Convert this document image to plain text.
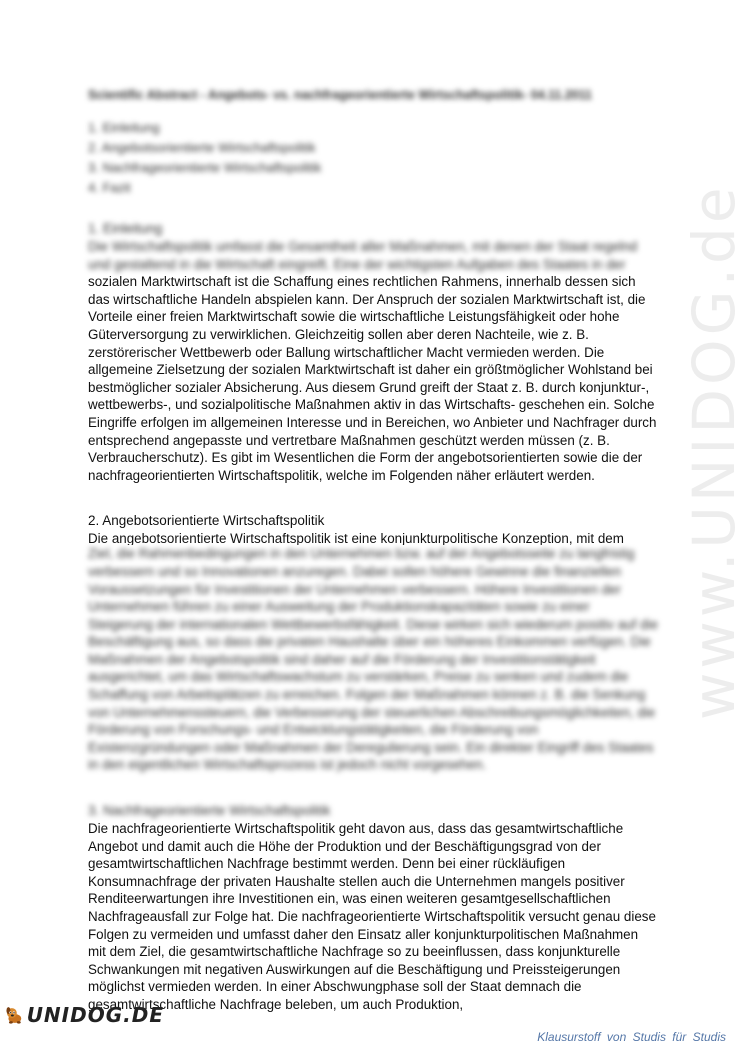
www.UNIDOG.de
Scientific Abstract - Angebots- vs. nachfrageorientierte Wirtschaftspolitik- 04.11.2011
1. Einleitung
2. Angebotsorientierte Wirtschaftspolitik
3. Nachfrageorientierte Wirtschaftspolitik
4. Fazit
1. Einleitung

Die Wirtschaftspolitik umfasst die Gesamtheit aller Maßnahmen, mit denen der Staat regelnd und gestaltend in die Wirtschaft eingreift. Eine der wichtigsten Aufgaben des Staates in der

sozialen Marktwirtschaft ist die Schaffung eines rechtlichen Rahmens, innerhalb dessen sich das wirtschaftliche Handeln abspielen kann. Der Anspruch der sozialen Marktwirtschaft ist, die Vorteile einer freien Marktwirtschaft sowie die wirtschaftliche Leistungsfähigkeit oder hohe Güterversorgung zu verwirklichen. Gleichzeitig sollen aber deren Nachteile, wie z. B. zerstörerischer Wettbewerb oder Ballung wirtschaftlicher Macht vermieden werden. Die allgemeine Zielsetzung der sozialen Marktwirtschaft ist daher ein größtmöglicher Wohlstand bei bestmöglicher sozialer Absicherung. Aus diesem Grund greift der Staat z. B. durch konjunktur-, wettbewerbs-, und sozialpolitische Maßnahmen aktiv in das Wirtschafts- geschehen ein. Solche Eingriffe erfolgen im allgemeinen Interesse und in Bereichen, wo Anbieter und Nachfrager durch entsprechend angepasste und vertretbare Maßnahmen geschützt werden müssen (z. B. Verbraucherschutz). Es gibt im Wesentlichen die Form der angebotsorientierten sowie die der nachfrageorientierten Wirtschaftspolitik, welche im Folgenden näher erläutert werden.

2. Angebotsorientierte Wirtschaftspolitik

Die angebotsorientierte Wirtschaftspolitik ist eine konjunkturpolitische Konzeption, mit dem

Ziel, die Rahmenbedingungen in den Unternehmen bzw. auf der Angebotsseite zu langfristig verbessern und so Innovationen anzuregen. Dabei sollen höhere Gewinne die finanziellen Voraussetzungen für Investitionen der Unternehmen verbessern. Höhere Investitionen der Unternehmen führen zu einer Ausweitung der Produktionskapazitäten sowie zu einer Steigerung der internationalen Wettbewerbsfähigkeit. Diese wirken sich wiederum positiv auf die Beschäftigung aus, so dass die privaten Haushalte über ein höheres Einkommen verfügen. Die Maßnahmen der Angebotspolitik sind daher auf die Förderung der Investitionstätigkeit ausgerichtet, um das Wirtschaftswachstum zu verstärken, Preise zu senken und zudem die Schaffung von Arbeitsplätzen zu erreichen. Folgen der Maßnahmen können z. B. die Senkung von Unternehmenssteuern, die Verbesserung der steuerlichen Abschreibungsmöglichkeiten, die Förderung von Forschungs- und Entwicklungstätigkeiten, die Förderung von Existenzgründungen oder Maßnahmen der Deregulierung sein. Ein direkter Eingriff des Staates in den eigentlichen Wirtschaftsprozess ist jedoch nicht vorgesehen.

3. Nachfrageorientierte Wirtschaftspolitik

Die nachfrageorientierte Wirtschaftspolitik geht davon aus, dass das gesamtwirtschaftliche Angebot und damit auch die Höhe der Produktion und der Beschäftigungsgrad von der gesamtwirtschaftlichen Nachfrage bestimmt werden. Denn bei einer rückläufigen Konsumnachfrage der privaten Haushalte stellen auch die Unternehmen mangels positiver Renditeerwartungen ihre Investitionen ein, was einen weiteren gesamtgesellschaftlichen Nachfrageausfall zur Folge hat. Die nachfrageorientierte Wirtschaftspolitik versucht genau diese Folgen zu vermeiden und umfasst daher den Einsatz aller konjunkturpolitischen Maßnahmen mit dem Ziel, die gesamtwirtschaftliche Nachfrage so zu beeinflussen, dass konjunkturelle Schwankungen mit negativen Auswirkungen auf die Beschäftigung und Preissteigerungen möglichst vermieden werden. In einer Abschwungphase soll der Staat demnach die gesamtwirtschaftliche Nachfrage beleben, um auch Produktion,

UNIDOG.DE
Klausurstoff von Studis für Studis
